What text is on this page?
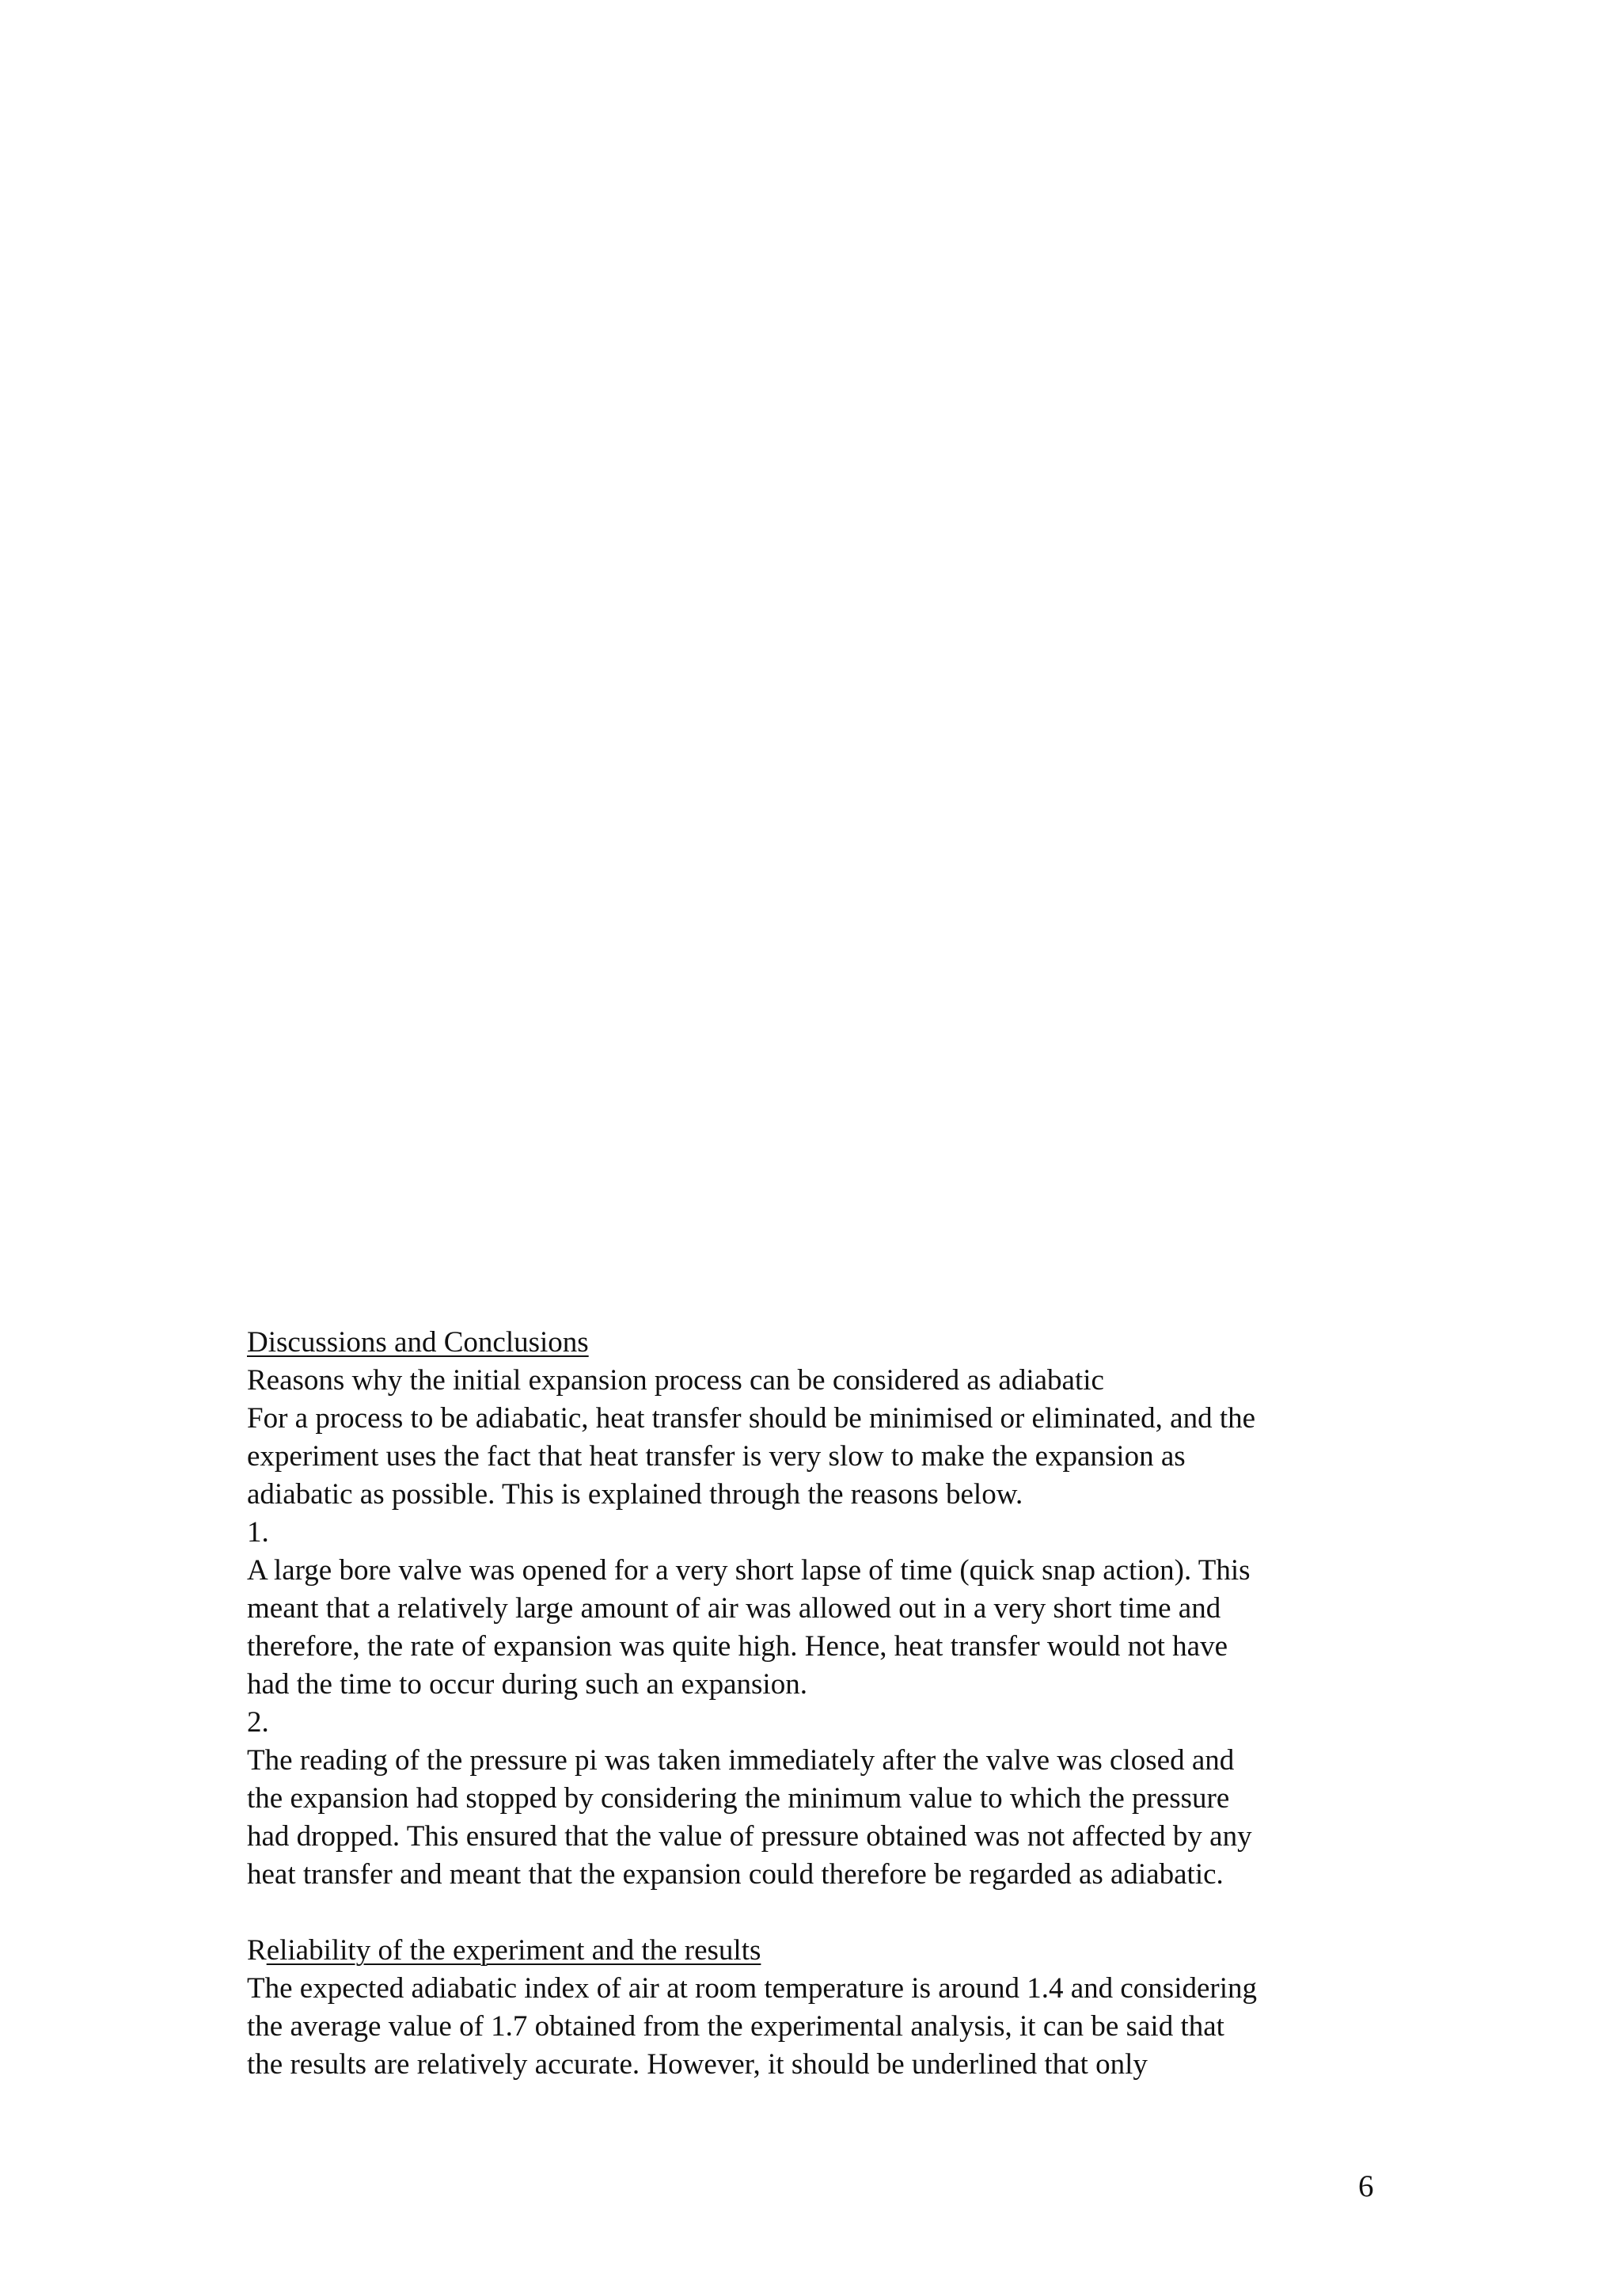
Discussions and Conclusions
Reasons why the initial expansion process can be considered as adiabatic
For a process to be adiabatic, heat transfer should be minimised or eliminated, and the
experiment uses the fact that heat transfer is very slow to make the expansion as
adiabatic as possible. This is explained through the reasons below.
1.
A large bore valve was opened for a very short lapse of time (quick snap action). This
meant that a relatively large amount of air was allowed out in a very short time and
therefore, the rate of expansion was quite high. Hence, heat transfer would not have
had the time to occur during such an expansion.
2.
The reading of the pressure pi was taken immediately after the valve was closed and
the expansion had stopped by considering the minimum value to which the pressure
had dropped. This ensured that the value of pressure obtained was not affected by any
heat transfer and meant that the expansion could therefore be regarded as adiabatic.
Reliability of the experiment and the results
The expected adiabatic index of air at room temperature is around 1.4 and considering
the average value of 1.7 obtained from the experimental analysis, it can be said that
the results are relatively accurate. However, it should be underlined that only
6
